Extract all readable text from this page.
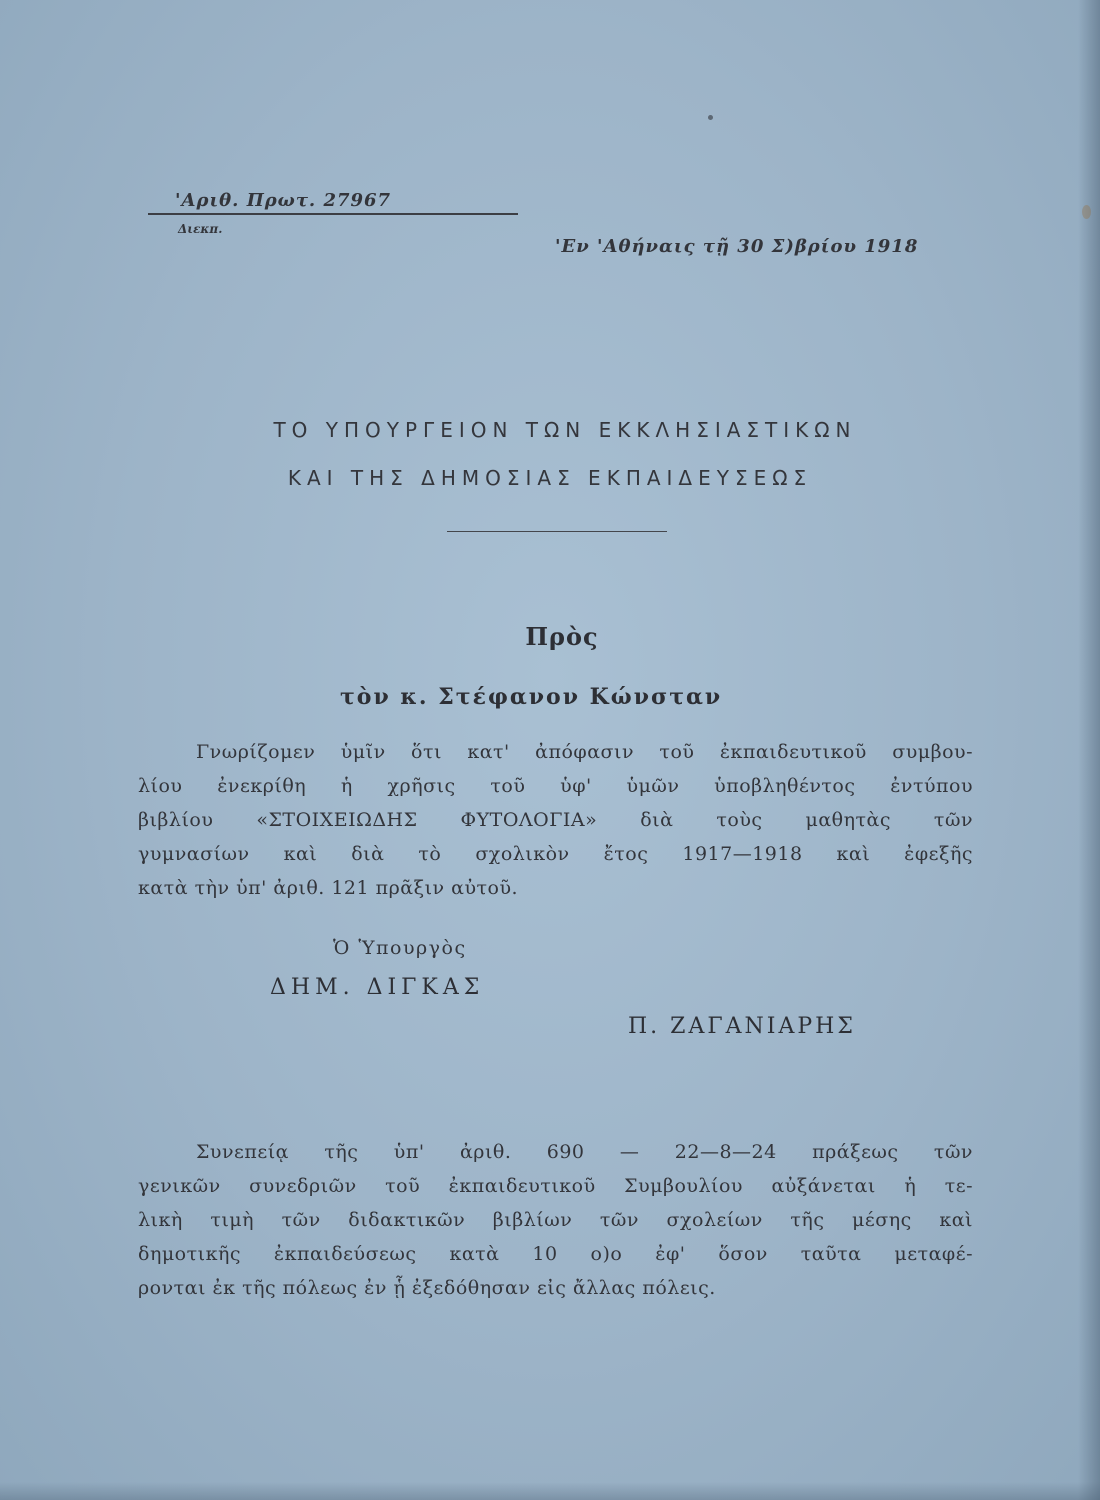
'Αριθ. Πρωτ. 27967
Διεκπ.
'Εν 'Αθήναις τῇ 30 Σ)βρίου 1918
ΤΟ ΥΠΟΥΡΓΕΙΟΝ ΤΩΝ ΕΚΚΛΗΣΙΑΣΤΙΚΩΝ
ΚΑΙ ΤΗΣ ΔΗΜΟΣΙΑΣ ΕΚΠΑΙΔΕΥΣΕΩΣ
Πρὸς
τὸν κ. Στέφανον Κώνσταν
Γνωρίζομεν ὑμῖν ὅτι κατ' ἀπόφασιν τοῦ ἐκπαιδευτικοῦ συμβου-
λίου ἐνεκρίθη ἡ χρῆσις τοῦ ὑφ' ὑμῶν ὑποβληθέντος ἐντύπου
βιβλίου «ΣΤΟΙΧΕΙΩΔΗΣ ΦΥΤΟΛΟΓΙΑ» διὰ τοὺς μαθητὰς τῶν
γυμνασίων καὶ διὰ τὸ σχολικὸν ἔτος 1917—1918 καὶ ἐφεξῆς
κατὰ τὴν ὑπ' ἀριθ. 121 πρᾶξιν αὐτοῦ.
Ὁ Ὑπουργὸς
ΔΗΜ. ΔΙΓΚΑΣ
Π. ΖΑΓΑΝΙΑΡΗΣ
Συνεπείᾳ τῆς ὑπ' ἀριθ. 690 — 22—8—24 πράξεως τῶν
γενικῶν συνεδριῶν τοῦ ἐκπαιδευτικοῦ Συμβουλίου αὐξάνεται ἡ τε-
λικὴ τιμὴ τῶν διδακτικῶν βιβλίων τῶν σχολείων τῆς μέσης καὶ
δημοτικῆς ἐκπαιδεύσεως κατὰ 10 ο)ο ἐφ' ὅσον ταῦτα μεταφέ-
ρονται ἐκ τῆς πόλεως ἐν ᾗ ἐξεδόθησαν εἰς ἄλλας πόλεις.
